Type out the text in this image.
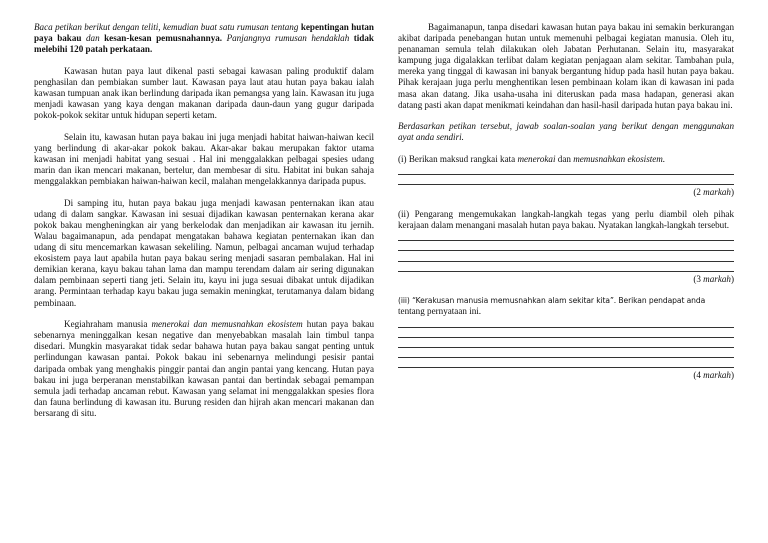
Baca petikan berikut dengan teliti, kemudian buat satu rumusan tentang kepentingan hutan paya bakau dan kesan-kesan pemusnahannya. Panjangnya rumusan hendaklah tidak melebihi 120 patah perkataan.

Kawasan hutan paya laut dikenal pasti sebagai kawasan paling produktif dalam penghasilan dan pembiakan sumber laut. Kawasan paya laut atau hutan paya bakau ialah kawasan tumpuan anak ikan berlindung daripada ikan pemangsa yang lain. Kawasan itu juga menjadi kawasan yang kaya dengan makanan daripada daun-daun yang gugur daripada pokok-pokok sekitar untuk hidupan seperti ketam.

Selain itu, kawasan hutan paya bakau ini juga menjadi habitat haiwan-haiwan kecil yang berlindung di akar-akar pokok bakau. Akar-akar bakau merupakan faktor utama kawasan ini menjadi habitat yang sesuai . Hal ini menggalakkan pelbagai spesies udang marin dan ikan mencari makanan, bertelur, dan membesar di situ. Habitat ini bukan sahaja menggalakkan pembiakan haiwan-haiwan kecil, malahan mengelakkannya daripada pupus.

Di samping itu, hutan paya bakau juga menjadi kawasan penternakan ikan atau udang di dalam sangkar. Kawasan ini sesuai dijadikan kawasan penternakan kerana akar pokok bakau mengheningkan air yang berkelodak dan menjadikan air kawasan itu jernih. Walau bagaimanapun, ada pendapat mengatakan bahawa kegiatan penternakan ikan dan udang di situ mencemarkan kawasan sekeliling. Namun, pelbagai ancaman wujud terhadap ekosistem paya laut apabila hutan paya bakau sering menjadi sasaran pembalakan. Hal ini demikian kerana, kayu bakau tahan lama dan mampu terendam dalam air sering digunakan dalam pembinaan seperti tiang jeti. Selain itu, kayu ini juga sesuai dibakat untuk dijadikan arang. Permintaan terhadap kayu bakau juga semakin meningkat, terutamanya dalam bidang pembinaan.

Kegiahraham manusia menerokai dan memusnahkan ekosistem hutan paya bakau sebenarnya meninggalkan kesan negative dan menyebabkan masalah lain timbul tanpa disedari. Mungkin masyarakat tidak sedar bahawa hutan paya bakau sangat penting untuk perlindungan kawasan pantai. Pokok bakau ini sebenarnya melindungi pesisir pantai daripada ombak yang menghakis pinggir pantai dan angin pantai yang kencang. Hutan paya bakau ini juga berperanan menstabilkan kawasan pantai dan bertindak sebagai pemampan semula jadi terhadap ancaman rebut. Kawasan yang selamat ini menggalakkan spesies flora dan fauna berlindung di kawasan itu. Burung residen dan hijrah akan mencari makanan dan bersarang di situ.

Bagaimanapun, tanpa disedari kawasan hutan paya bakau ini semakin berkurangan akibat daripada penebangan hutan untuk memenuhi pelbagai kegiatan manusia. Oleh itu, penanaman semula telah dilakukan oleh Jabatan Perhutanan. Selain itu, masyarakat kampung juga digalakkan terlibat dalam kegiatan penjagaan alam sekitar. Tambahan pula, mereka yang tinggal di kawasan ini banyak bergantung hidup pada hasil hutan paya bakau. Pihak kerajaan juga perlu menghentikan lesen pembinaan kolam ikan di kawasan ini pada masa akan datang. Jika usaha-usaha ini diteruskan pada masa hadapan, generasi akan datang pasti akan dapat menikmati keindahan dan hasil-hasil daripada hutan paya bakau ini.

Berdasarkan petikan tersebut, jawab soalan-soalan yang berikut dengan menggunakan ayat anda sendiri.

(i) Berikan maksud rangkai kata menerokai dan memusnahkan ekosistem.

(2 markah)

(ii) Pengarang mengemukakan langkah-langkah tegas yang perlu diambil oleh pihak kerajaan dalam menangani masalah hutan paya bakau. Nyatakan langkah-langkah tersebut.

(3 markah)

(iii) “Kerakusan manusia memusnahkan alam sekitar kita”. Berikan pendapat anda
tentang pernyataan ini.

(4 markah)
